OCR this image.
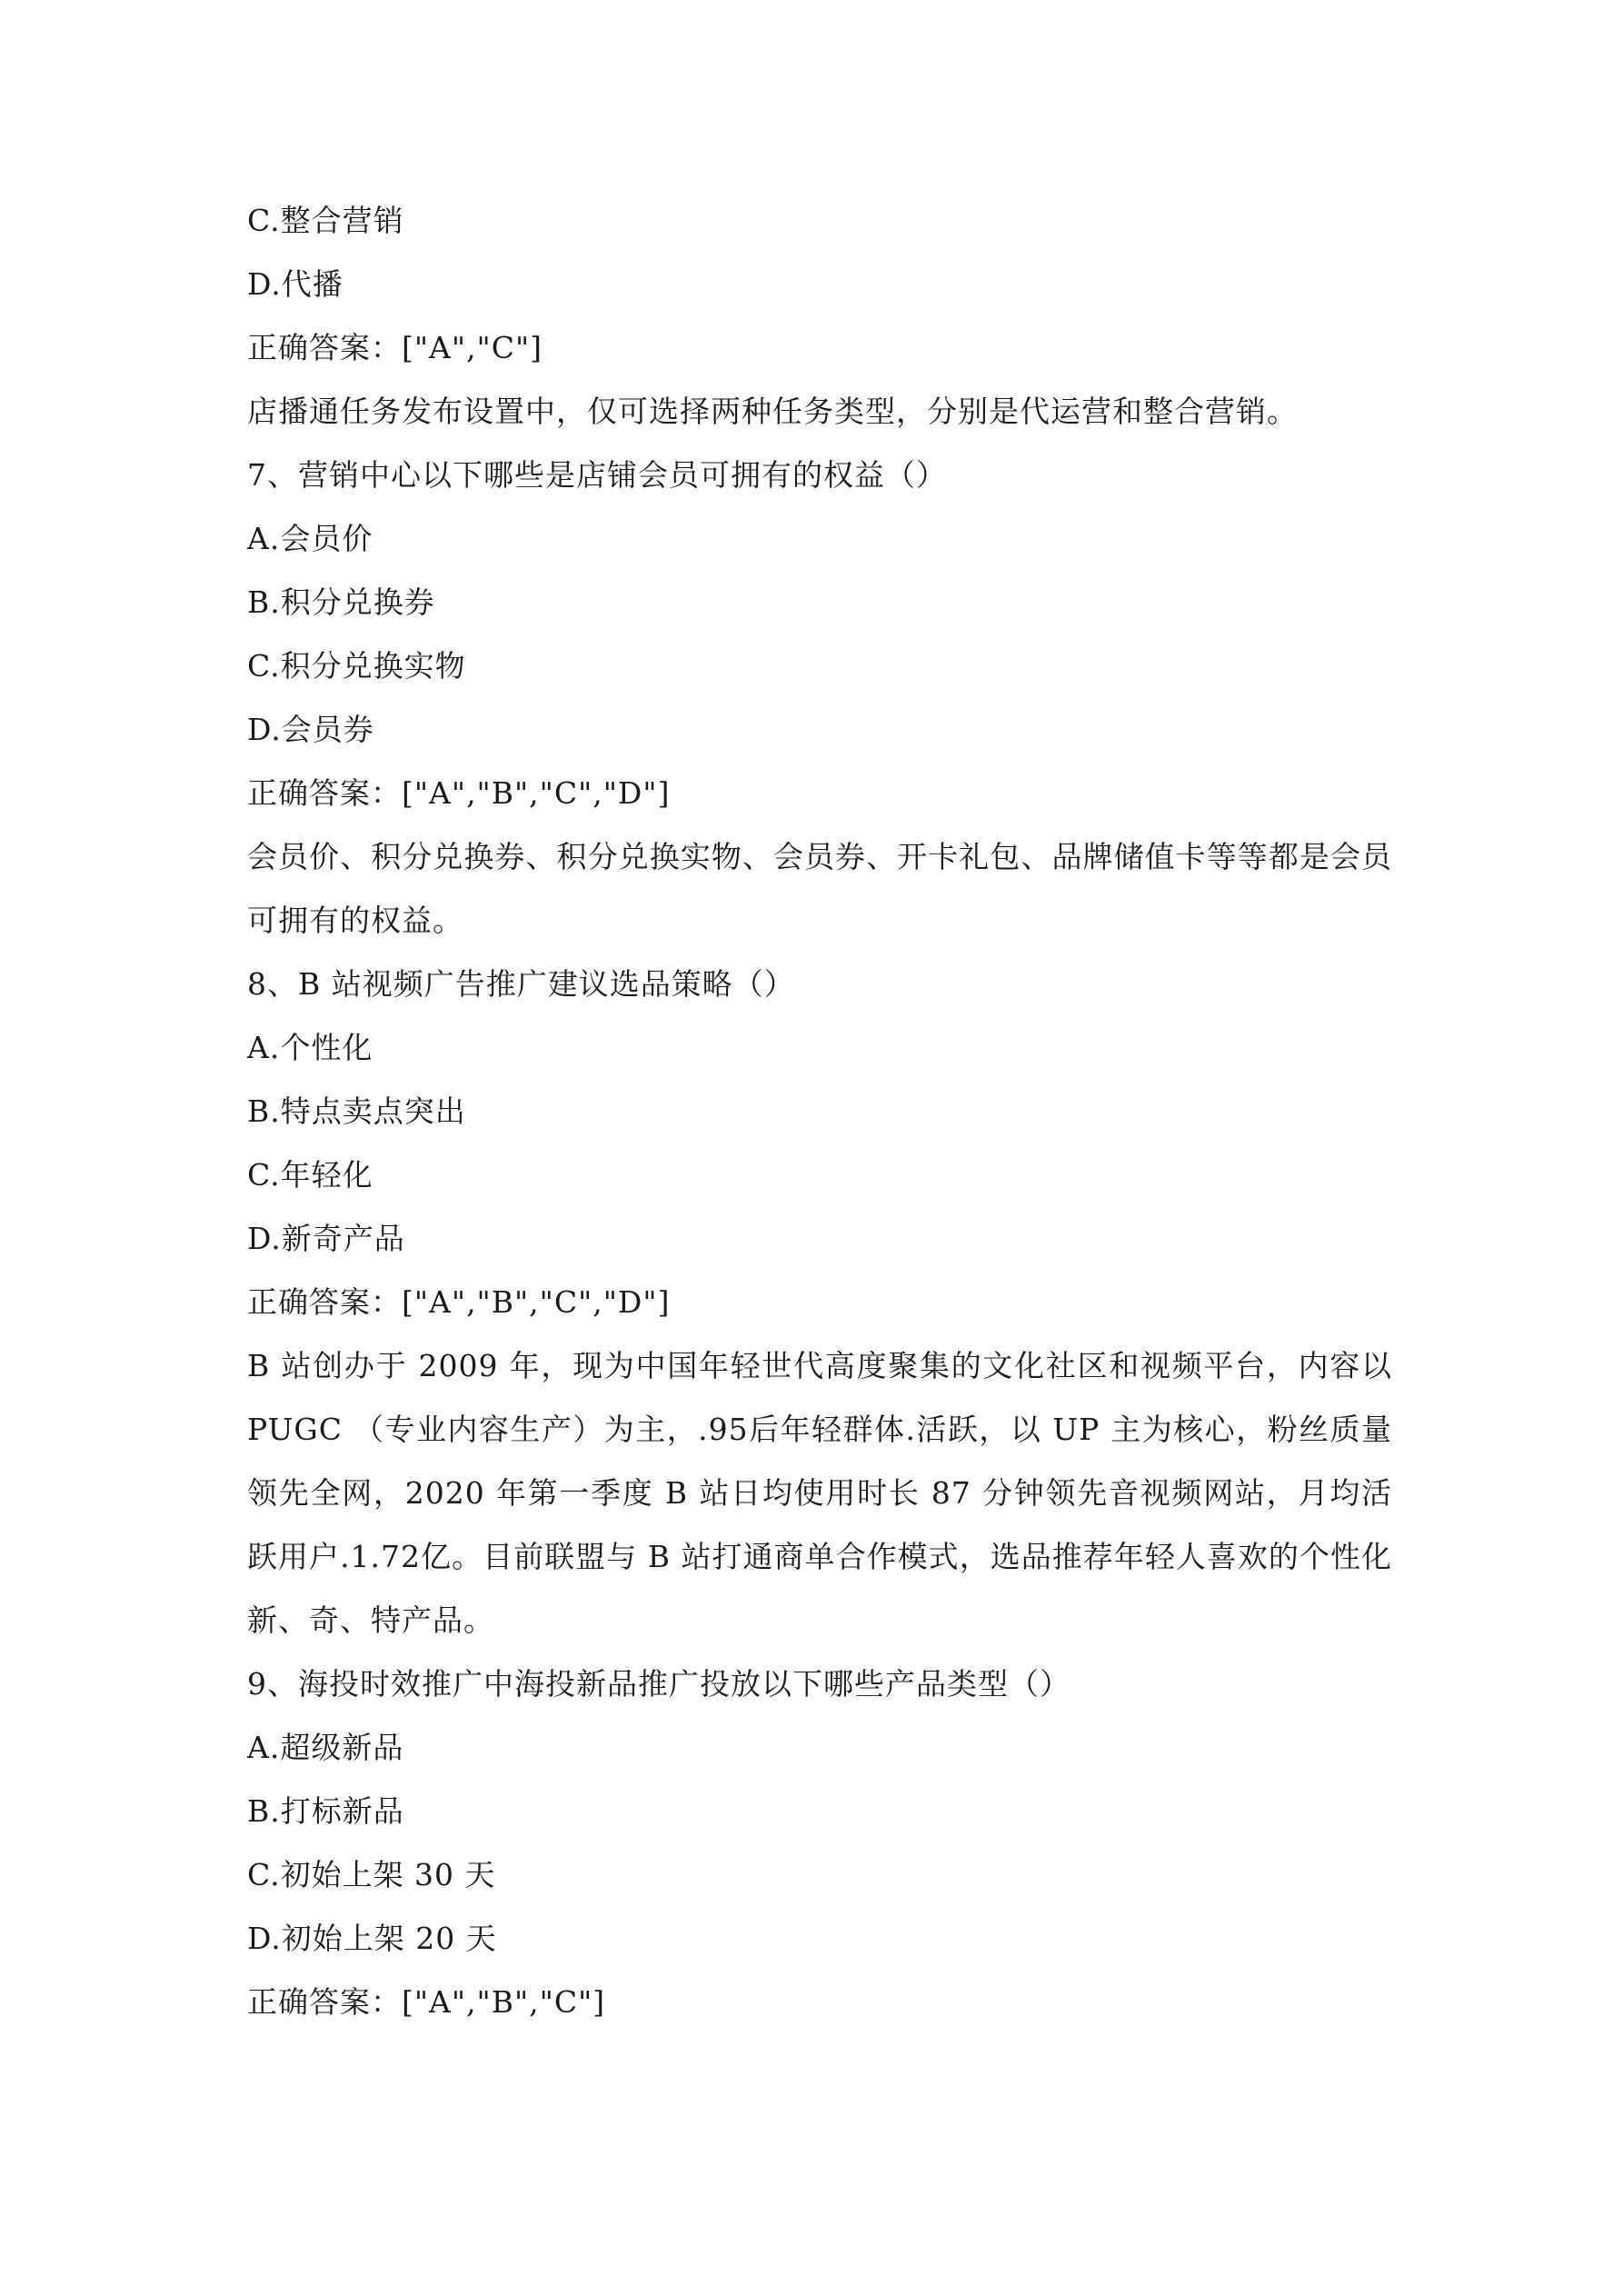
C.整合营销
D.代播
正确答案：["A","C"]
店播通任务发布设置中，仅可选择两种任务类型，分别是代运营和整合营销。
7、营销中心以下哪些是店铺会员可拥有的权益（）
A.会员价
B.积分兑换券
C.积分兑换实物
D.会员券
正确答案：["A","B","C","D"]
会员价、积分兑换券、积分兑换实物、会员券、开卡礼包、品牌储值卡等等都是会员可拥有的权益。
8、B 站视频广告推广建议选品策略（）
A.个性化
B.特点卖点突出
C.年轻化
D.新奇产品
正确答案：["A","B","C","D"]
B 站创办于 2009 年，现为中国年轻世代高度聚集的文化社区和视频平台，内容以 PUGC （专业内容生产）为主，.95后年轻群体.活跃，以 UP 主为核心，粉丝质量领先全网，2020 年第一季度 B 站日均使用时长 87 分钟领先音视频网站，月均活跃用户.1.72亿。目前联盟与 B 站打通商单合作模式，选品推荐年轻人喜欢的个性化新、奇、特产品。
9、海投时效推广中海投新品推广投放以下哪些产品类型（）
A.超级新品
B.打标新品
C.初始上架 30 天
D.初始上架 20 天
正确答案：["A","B","C"]
